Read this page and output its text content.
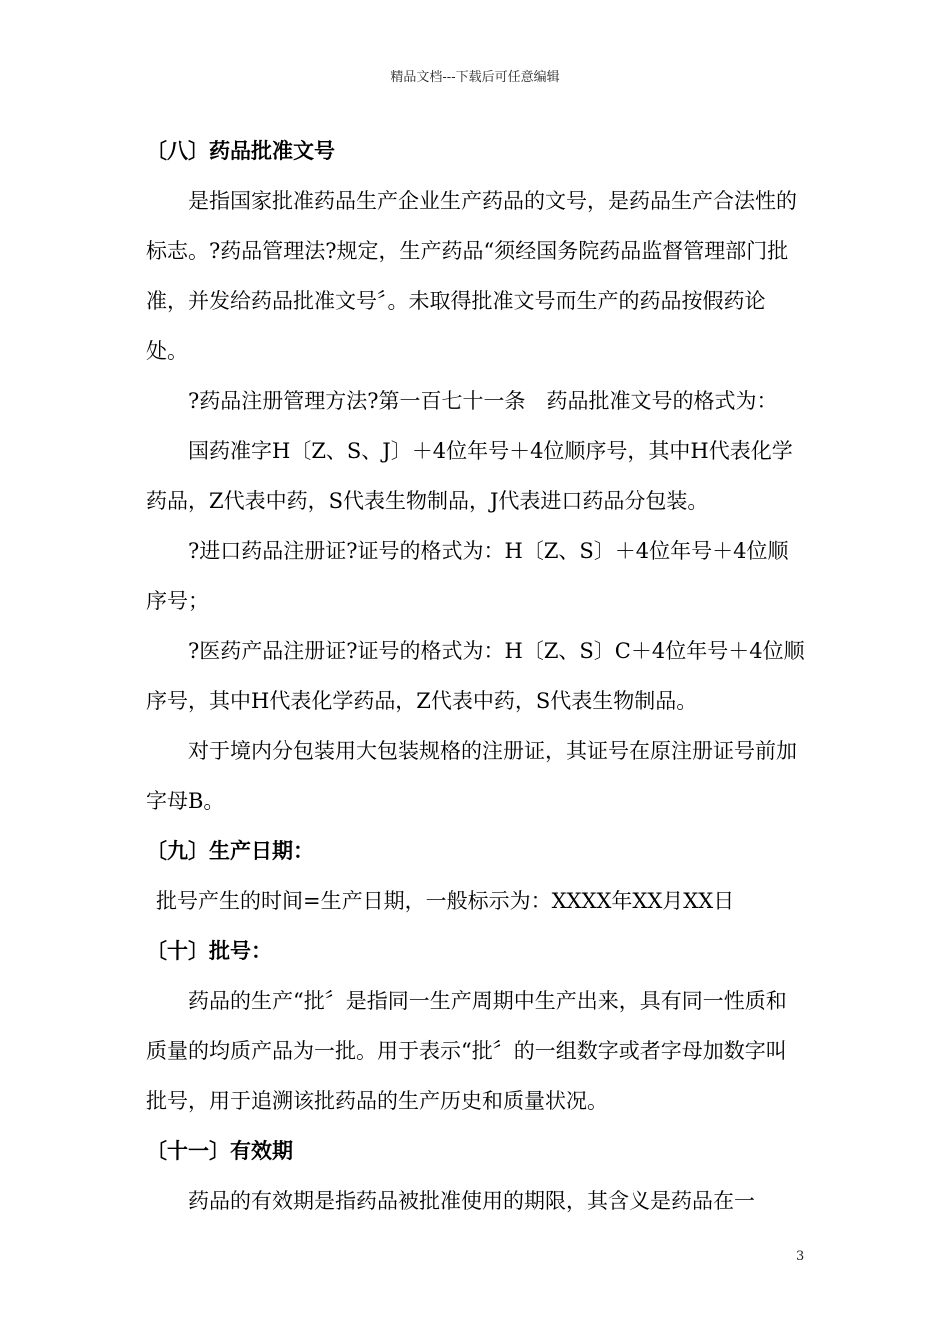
精品文档---下载后可任意编辑
〔八〕药品批准文号

是指国家批准药品生产企业生产药品的文号，是药品生产合法性的标志。?药品管理法?规定，生产药品“须经国务院药品监督管理部门批准，并发给药品批准文号〞。未取得批准文号而生产的药品按假药论处。

?药品注册管理方法?第一百七十一条　药品批准文号的格式为：

国药准字H〔Z、S、J〕＋4位年号＋4位顺序号，其中H代表化学药品，Z代表中药，S代表生物制品，J代表进口药品分包装。

?进口药品注册证?证号的格式为：H〔Z、S〕＋4位年号＋4位顺序号；

?医药产品注册证?证号的格式为：H〔Z、S〕C＋4位年号＋4位顺序号，其中H代表化学药品，Z代表中药，S代表生物制品。

对于境内分包装用大包装规格的注册证，其证号在原注册证号前加字母B。

〔九〕生产日期：

批号产生的时间=生产日期，一般标示为：XXXX年XX月XX日

〔十〕批号：

药品的生产“批〞是指同一生产周期中生产出来，具有同一性质和质量的均质产品为一批。用于表示“批〞的一组数字或者字母加数字叫批号，用于追溯该批药品的生产历史和质量状况。

〔十一〕有效期

药品的有效期是指药品被批准使用的期限，其含义是药品在一

3
